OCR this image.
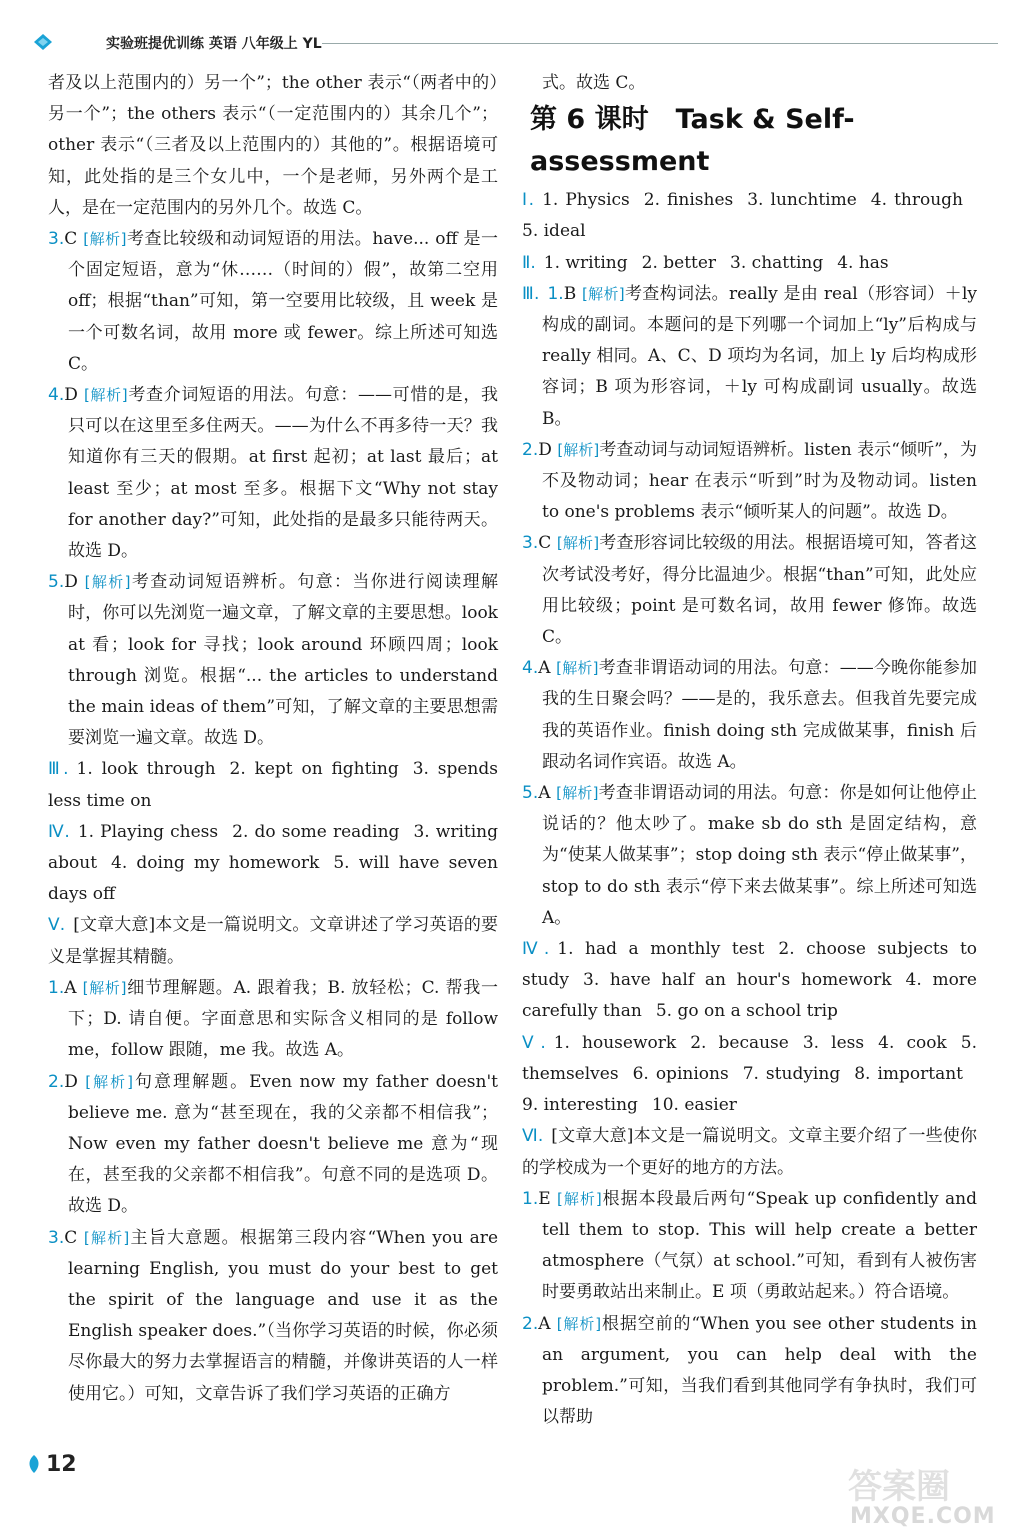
实验班提优训练 英语 八年级上 YL

者及以上范围内的）另一个”；the other 表示“（两者中的）另一个”；the others 表示“（一定范围内的）其余几个”；other 表示“（三者及以上范围内的）其他的”。根据语境可知，此处指的是三个女儿中，一个是老师，另外两个是工人，是在一定范围内的另外几个。故选 C。

3.C [解析]考查比较级和动词短语的用法。have... off 是一个固定短语，意为“休……（时间的）假”，故第二空用 off；根据“than”可知，第一空要用比较级，且 week 是一个可数名词，故用 more 或 fewer。综上所述可知选 C。

4.D [解析]考查介词短语的用法。句意：——可惜的是，我只可以在这里至多住两天。——为什么不再多待一天？我知道你有三天的假期。at first 起初；at last 最后；at least 至少；at most 至多。根据下文“Why not stay for another day?”可知，此处指的是最多只能待两天。故选 D。

5.D [解析]考查动词短语辨析。句意：当你进行阅读理解时，你可以先浏览一遍文章，了解文章的主要思想。look at 看；look for 寻找；look around 环顾四周；look through 浏览。根据“... the articles to understand the main ideas of them”可知，了解文章的主要思想需要浏览一遍文章。故选 D。

Ⅲ. 1. look through 2. kept on fighting 3. spends less time on

Ⅳ. 1. Playing chess 2. do some reading 3. writing about 4. doing my homework 5. will have seven days off

Ⅴ. [文章大意]本文是一篇说明文。文章讲述了学习英语的要义是掌握其精髓。

1.A [解析]细节理解题。A. 跟着我；B. 放轻松；C. 帮我一下；D. 请自便。字面意思和实际含义相同的是 follow me，follow 跟随，me 我。故选 A。

2.D [解析]句意理解题。Even now my father doesn't believe me. 意为“甚至现在，我的父亲都不相信我”；Now even my father doesn't believe me 意为“现在，甚至我的父亲都不相信我”。句意不同的是选项 D。故选 D。

3.C [解析]主旨大意题。根据第三段内容“When you are learning English, you must do your best to get the spirit of the language and use it as the English speaker does.”（当你学习英语的时候，你必须尽你最大的努力去掌握语言的精髓，并像讲英语的人一样使用它。）可知，文章告诉了我们学习英语的正确方

式。故选 C。

第 6 课时　Task & Self-assessment

Ⅰ. 1. Physics 2. finishes 3. lunchtime 4. through5. ideal

Ⅱ. 1. writing 2. better 3. chatting 4. has

Ⅲ. 1.B [解析]考查构词法。really 是由 real（形容词）＋ly 构成的副词。本题问的是下列哪一个词加上“ly”后构成与 really 相同。A、C、D 项均为名词，加上 ly 后均构成形容词；B 项为形容词，＋ly 可构成副词 usually。故选 B。

2.D [解析]考查动词与动词短语辨析。listen 表示“倾听”，为不及物动词；hear 在表示“听到”时为及物动词。listen to one's problems 表示“倾听某人的问题”。故选 D。

3.C [解析]考查形容词比较级的用法。根据语境可知，答者这次考试没考好，得分比温迪少。根据“than”可知，此处应用比较级；point 是可数名词，故用 fewer 修饰。故选 C。

4.A [解析]考查非谓语动词的用法。句意：——今晚你能参加我的生日聚会吗？——是的，我乐意去。但我首先要完成我的英语作业。finish doing sth 完成做某事，finish 后跟动名词作宾语。故选 A。

5.A [解析]考查非谓语动词的用法。句意：你是如何让他停止说话的？他太吵了。make sb do sth 是固定结构，意为“使某人做某事”；stop doing sth 表示“停止做某事”，stop to do sth 表示“停下来去做某事”。综上所述可知选 A。

Ⅳ. 1. had a monthly test 2. choose subjects to study 3. have half an hour's homework 4. more carefully than 5. go on a school trip

Ⅴ. 1. housework 2. because 3. less 4. cook 5. themselves 6. opinions 7. studying 8. important9. interesting 10. easier

Ⅵ. [文章大意]本文是一篇说明文。文章主要介绍了一些使你的学校成为一个更好的地方的方法。

1.E [解析]根据本段最后两句“Speak up confidently and tell them to stop. This will help create a better atmosphere（气氛）at school.”可知，看到有人被伤害时要勇敢站出来制止。E 项（勇敢站起来。）符合语境。

2.A [解析]根据空前的“When you see other students in an argument, you can help deal with the problem.”可知，当我们看到其他同学有争执时，我们可以帮助

12
答案圈
MXQE.COM
